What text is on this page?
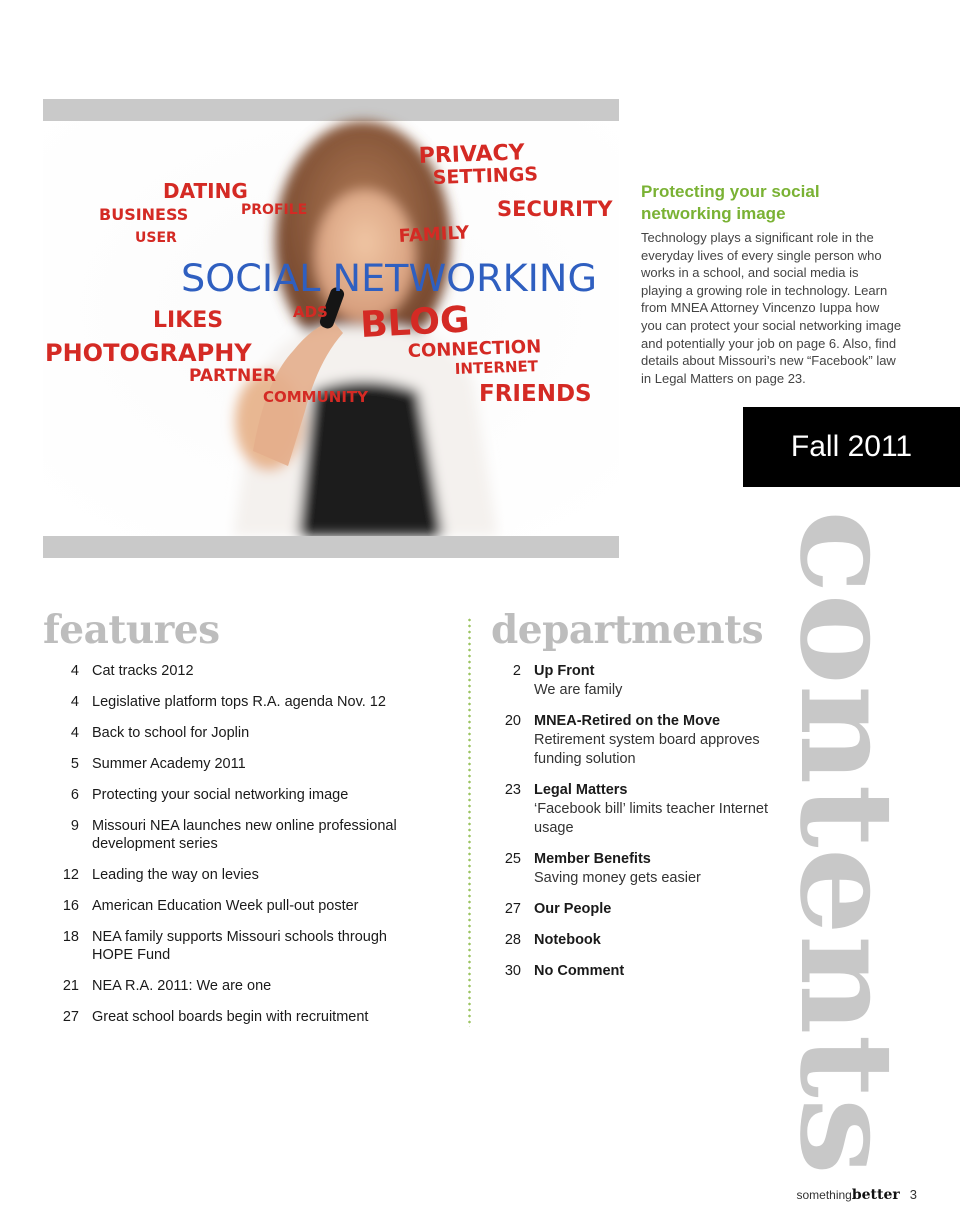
PRIVACY
SETTINGS
DATING
BUSINESS	PROFILE	SECURITY
USER	FAMILY
LIKES	ADS BLOG
PHOTOGRAPHY	CONNECTION
INTERNET
PARTNER
COMMUNITY	FRIENDS
SOCIAL NETWORKING
Protecting your social networking image

Technology plays a significant role in the everyday lives of every single person who works in a school, and social media is playing a growing role in technology. Learn from MNEA Attorney Vincenzo Iuppa how you can protect your social networking image and potentially your job on page 6. Also, find details about Missouri’s new “Facebook” law in Legal Matters on page 23.

Fall 2011
contents
features	departments
4 Cat tracks 2012
4 Legislative platform tops R.A. agenda Nov. 12
4 Back to school for Joplin
5 Summer Academy 2011
6 Protecting your social networking image
9 Missouri NEA launches new online professional development series
12 Leading the way on levies
16 American Education Week pull-out poster
18 NEA family supports Missouri schools through HOPE Fund
21 NEA R.A. 2011: We are one
27 Great school boards begin with recruitment
2 Up Front
We are family
20 MNEA-Retired on the Move
Retirement system board approves funding solution
23 Legal Matters
‘Facebook bill’ limits teacher Internet usage
25 Member Benefits
Saving money gets easier
27 Our People
28 Notebook
30 No Comment
somethingbetter 3
